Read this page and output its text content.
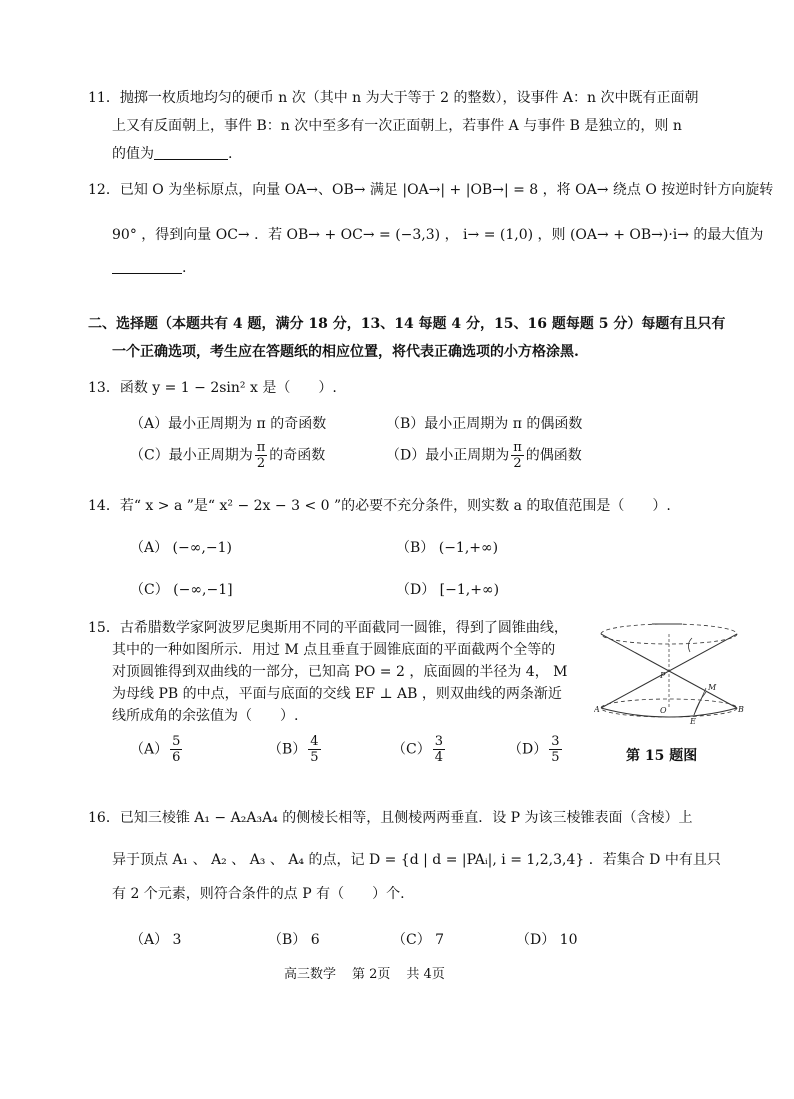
11．抛掷一枚质地均匀的硬币 n 次（其中 n 为大于等于 2 的整数），设事件 A：n 次中既有正面朝
上又有反面朝上，事件 B：n 次中至多有一次正面朝上，若事件 A 与事件 B 是独立的，则 n
的值为	.
12．已知 O 为坐标原点，向量 OA→、OB→ 满足 |OA→| + |OB→| = 8 ，将 OA→ 绕点 O 按逆时针方向旋转
90° ，得到向量 OC→ ．若 OB→ + OC→ = (−3,3) ， i→ = (1,0) ，则 (OA→ + OB→)·i→ 的最大值为
.
二、选择题（本题共有 4 题，满分 18 分，13、14 每题 4 分，15、16 题每题 5 分）每题有且只有
一个正确选项，考生应在答题纸的相应位置，将代表正确选项的小方格涂黑.
13．函数 y = 1 − 2sin² x 是（　　）.
（A）最小正周期为 π 的奇函数	（B）最小正周期为 π 的偶函数
（C）最小正周期为 $\frac{\pi}{2}$ 的奇函数	（D）最小正周期为 $\frac{\pi}{2}$ 的偶函数
14．若“ x > a ”是“ x² − 2x − 3 < 0 ”的必要不充分条件，则实数 a 的取值范围是（　　）.
（A） (−∞,−1)	（B） (−1,+∞)
（C） (−∞,−1]	（D） [−1,+∞)
15．古希腊数学家阿波罗尼奥斯用不同的平面截同一圆锥，得到了圆锥曲线，
其中的一种如图所示．用过 M 点且垂直于圆锥底面的平面截两个全等的
对顶圆锥得到双曲线的一部分，已知高 PO = 2 ，底面圆的半径为 4， M
为母线 PB 的中点，平面与底面的交线 EF ⊥ AB ，则双曲线的两条渐近
线所成角的余弦值为（　　）.
$(A) \frac{5}{6}$	$(B) \frac{4}{5}$	$(C) \frac{3}{4}$	$(D) \frac{3}{5}$
P
M
O
A	B
E
第 15 题图
16．已知三棱锥 A₁ − A₂A₃A₄ 的侧棱长相等，且侧棱两两垂直．设 P 为该三棱锥表面（含棱）上
异于顶点 A₁ 、 A₂ 、 A₃ 、 A₄ 的点，记 D = {d | d = |PAᵢ|, i = 1,2,3,4} ．若集合 D 中有且只
有 2 个元素，则符合条件的点 P 有（　　）个.
（A） 3	（B） 6	（C） 7	（D） 10
高三数学 第 2页 共 4页
